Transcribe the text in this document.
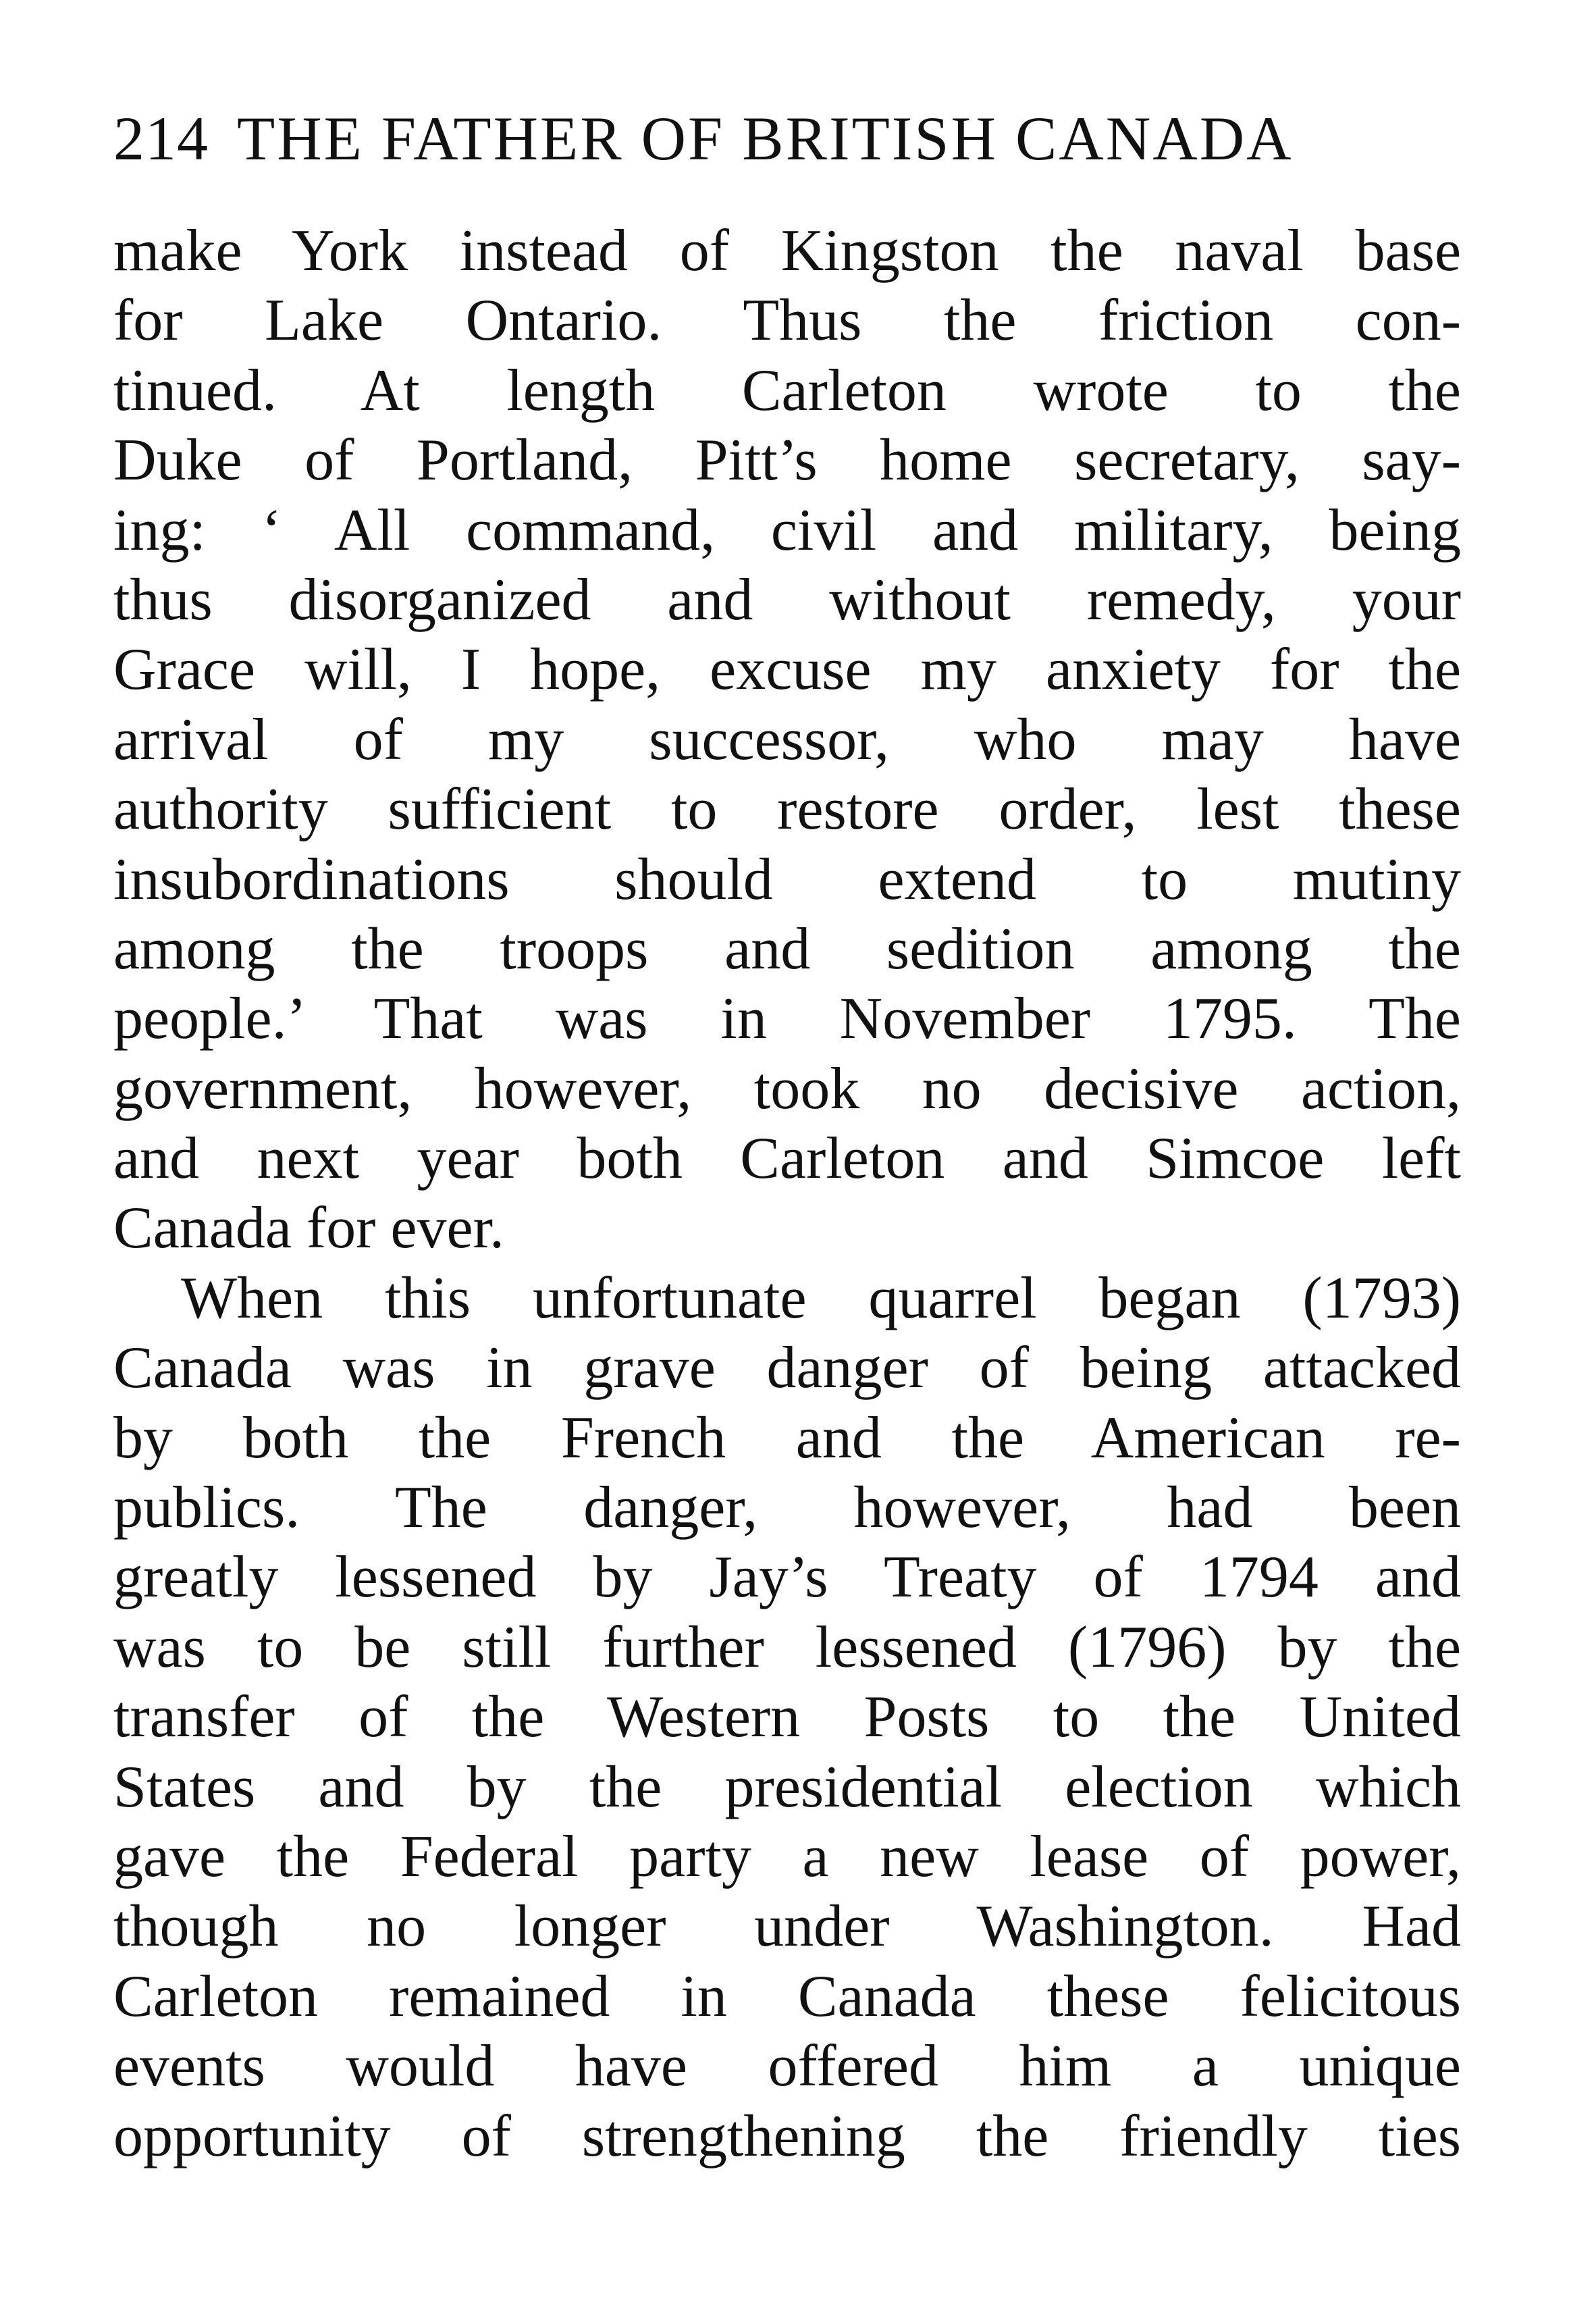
214 THE FATHER OF BRITISH CANADA
make York instead of Kingston the naval base
for Lake Ontario. Thus the friction con-
tinued. At length Carleton wrote to the
Duke of Portland, Pitt’s home secretary, say-
ing: ‘ All command, civil and military, being
thus disorganized and without remedy, your
Grace will, I hope, excuse my anxiety for the
arrival of my successor, who may have
authority sufficient to restore order, lest these
insubordinations should extend to mutiny
among the troops and sedition among the
people.’ That was in November 1795. The
government, however, took no decisive action,
and next year both Carleton and Simcoe left
Canada for ever.
When this unfortunate quarrel began (1793)
Canada was in grave danger of being attacked
by both the French and the American re-
publics. The danger, however, had been
greatly lessened by Jay’s Treaty of 1794 and
was to be still further lessened (1796) by the
transfer of the Western Posts to the United
States and by the presidential election which
gave the Federal party a new lease of power,
though no longer under Washington. Had
Carleton remained in Canada these felicitous
events would have offered him a unique
opportunity of strengthening the friendly ties
